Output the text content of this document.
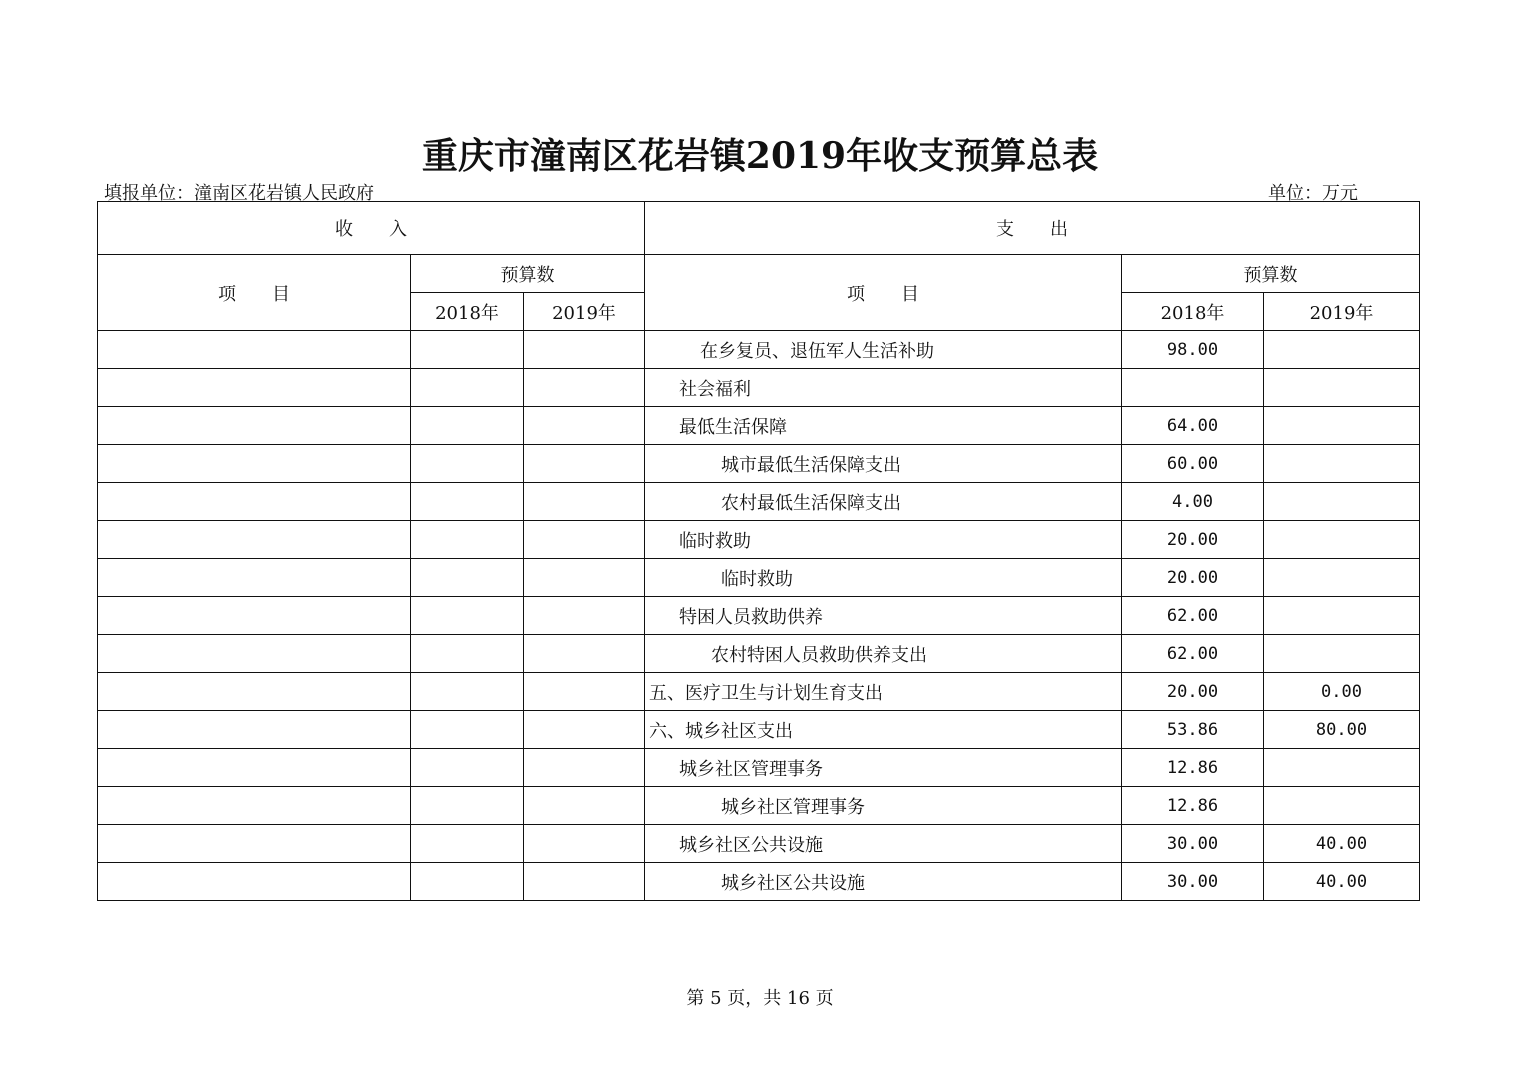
重庆市潼南区花岩镇2019年收支预算总表
填报单位：潼南区花岩镇人民政府	单位：万元
收　　入			支　　出		
项　　目	预算数		项　　目	预算数	
	2018年	2019年		2018年	2019年
			在乡复员、退伍军人生活补助	98.00	
			社会福利		
			最低生活保障	64.00	
			城市最低生活保障支出	60.00	
			农村最低生活保障支出	4.00	
			临时救助	20.00	
			临时救助	20.00	
			特困人员救助供养	62.00	
			农村特困人员救助供养支出	62.00	
			五、医疗卫生与计划生育支出	20.00	0.00
			六、城乡社区支出	53.86	80.00
			城乡社区管理事务	12.86	
			城乡社区管理事务	12.86	
			城乡社区公共设施	30.00	40.00
			城乡社区公共设施	30.00	40.00
第 5 页，共 16 页
